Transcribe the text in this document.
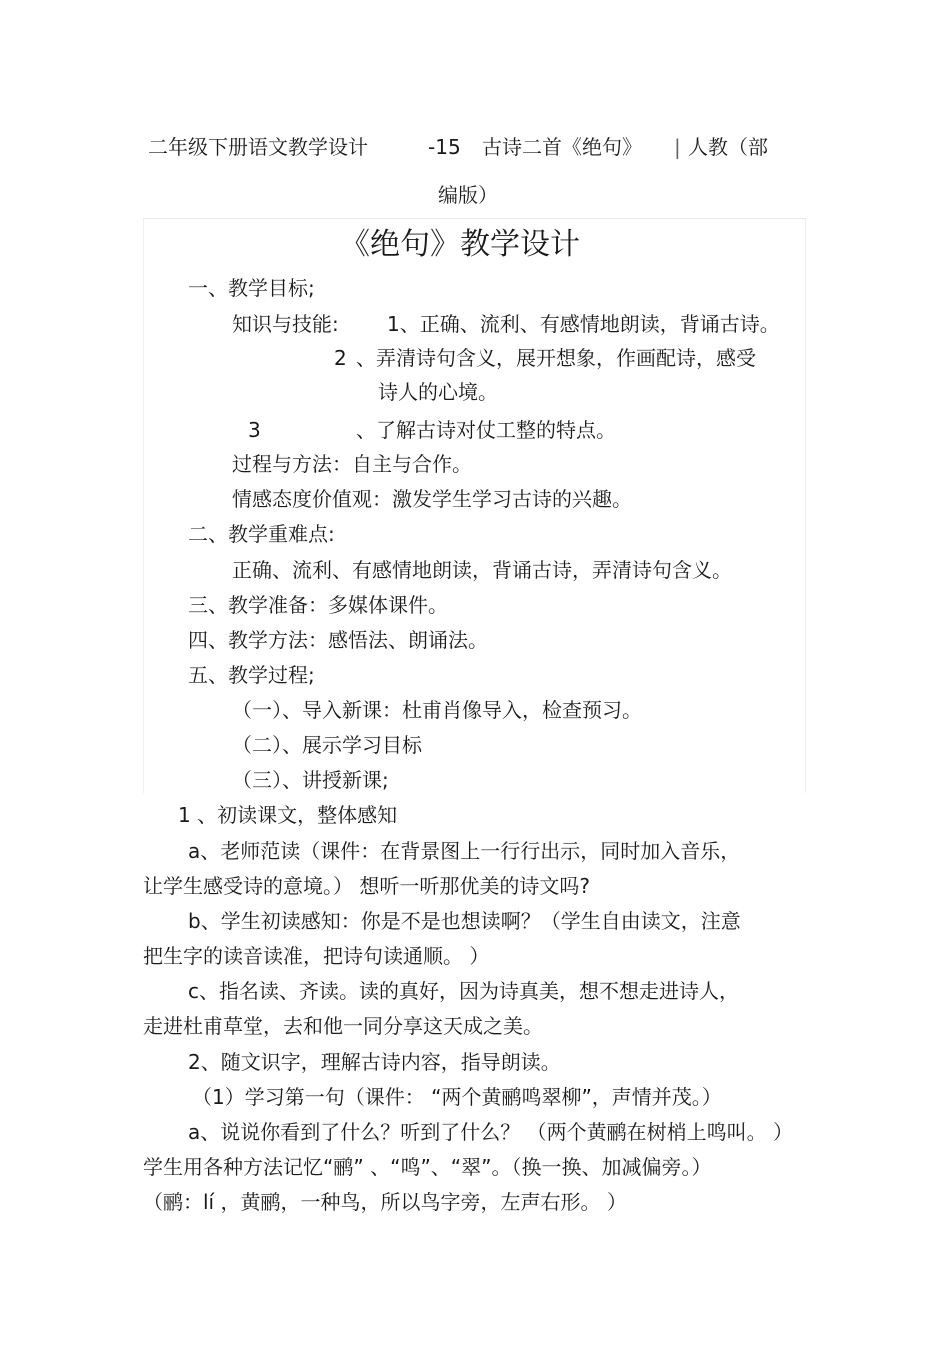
二年级下册语文教学设计	-15 古诗二首《绝句》 | 人教（部
编版）
《绝句》教学设计
一、教学目标;
知识与技能: 1、正确、流利、有感情地朗读，背诵古诗。
2 、弄清诗句含义，展开想象，作画配诗，感受
诗人的心境。
3	、了解古诗对仗工整的特点。
过程与方法：自主与合作。
情感态度价值观：激发学生学习古诗的兴趣。
二、教学重难点:
正确、流利、有感情地朗读，背诵古诗，弄清诗句含义。
三、教学准备：多媒体课件。
四、教学方法：感悟法、朗诵法。
五、教学过程;
（一）、导入新课：杜甫肖像导入，检查预习。
（二）、展示学习目标
（三）、讲授新课;
1 、初读课文，整体感知
a、老师范读（课件：在背景图上一行行出示，同时加入音乐，
让学生感受诗的意境。） 想听一听那优美的诗文吗?
b、学生初读感知：你是不是也想读啊？（学生自由读文，注意
把生字的读音读准，把诗句读通顺。 ）
c、指名读、齐读。读的真好，因为诗真美，想不想走进诗人，
走进杜甫草堂，去和他一同分享这天成之美。
2、随文识字，理解古诗内容，指导朗读。
（1）学习第一句（课件： “两个黄鹂鸣翠柳”，声情并茂。）
a、说说你看到了什么？听到了什么？ （两个黄鹂在树梢上鸣叫。 ）
学生用各种方法记忆“鹂” 、“鸣”、“翠”。（换一换、加减偏旁。）
（鹂：lí ，黄鹂，一种鸟，所以鸟字旁，左声右形。 ）
